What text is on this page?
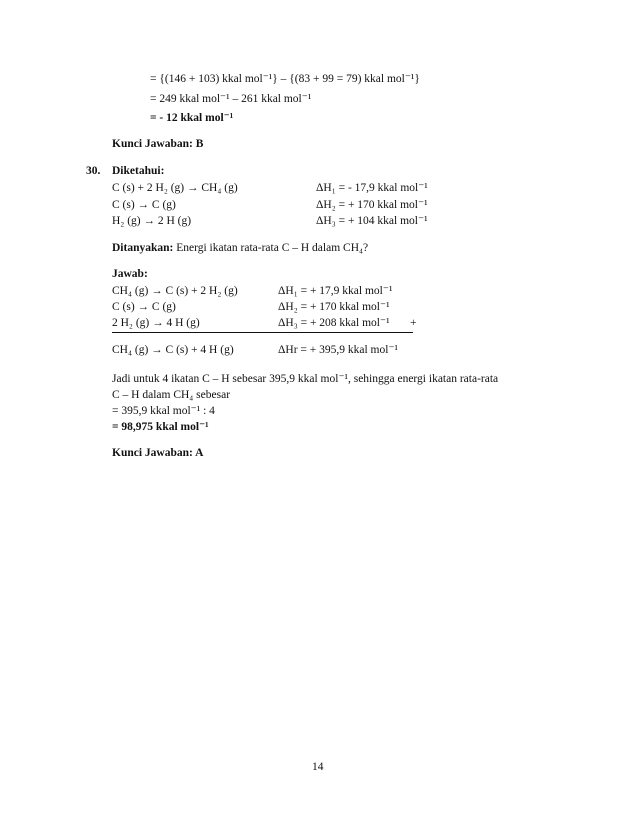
= {(146 + 103) kkal mol⁻¹} – {(83 + 99 = 79) kkal mol⁻¹}
= 249 kkal mol⁻¹ – 261 kkal mol⁻¹
= - 12 kkal mol⁻¹
Kunci Jawaban: B
30. Diketahui:
C (s) + 2 H₂ (g) → CH₄ (g)	ΔH₁ = - 17,9 kkal mol⁻¹
C (s) → C (g)	ΔH₂ = + 170 kkal mol⁻¹
H₂ (g) → 2 H (g)	ΔH₃ = + 104 kkal mol⁻¹
Ditanyakan: Energi ikatan rata-rata C – H dalam CH₄?
Jawab:
CH₄ (g) → C (s) + 2 H₂ (g)	ΔH₁ = + 17,9 kkal mol⁻¹
C (s) → C (g)	ΔH₂ = + 170 kkal mol⁻¹
2 H₂ (g) → 4 H (g)	ΔH₃ = + 208 kkal mol⁻¹ +
CH₄ (g) → C (s) + 4 H (g)	ΔHr = + 395,9 kkal mol⁻¹
Jadi untuk 4 ikatan C – H sebesar 395,9 kkal mol⁻¹, sehingga energi ikatan rata-rata
C – H dalam CH₄ sebesar
= 395,9 kkal mol⁻¹ : 4
= 98,975 kkal mol⁻¹
Kunci Jawaban: A
14
